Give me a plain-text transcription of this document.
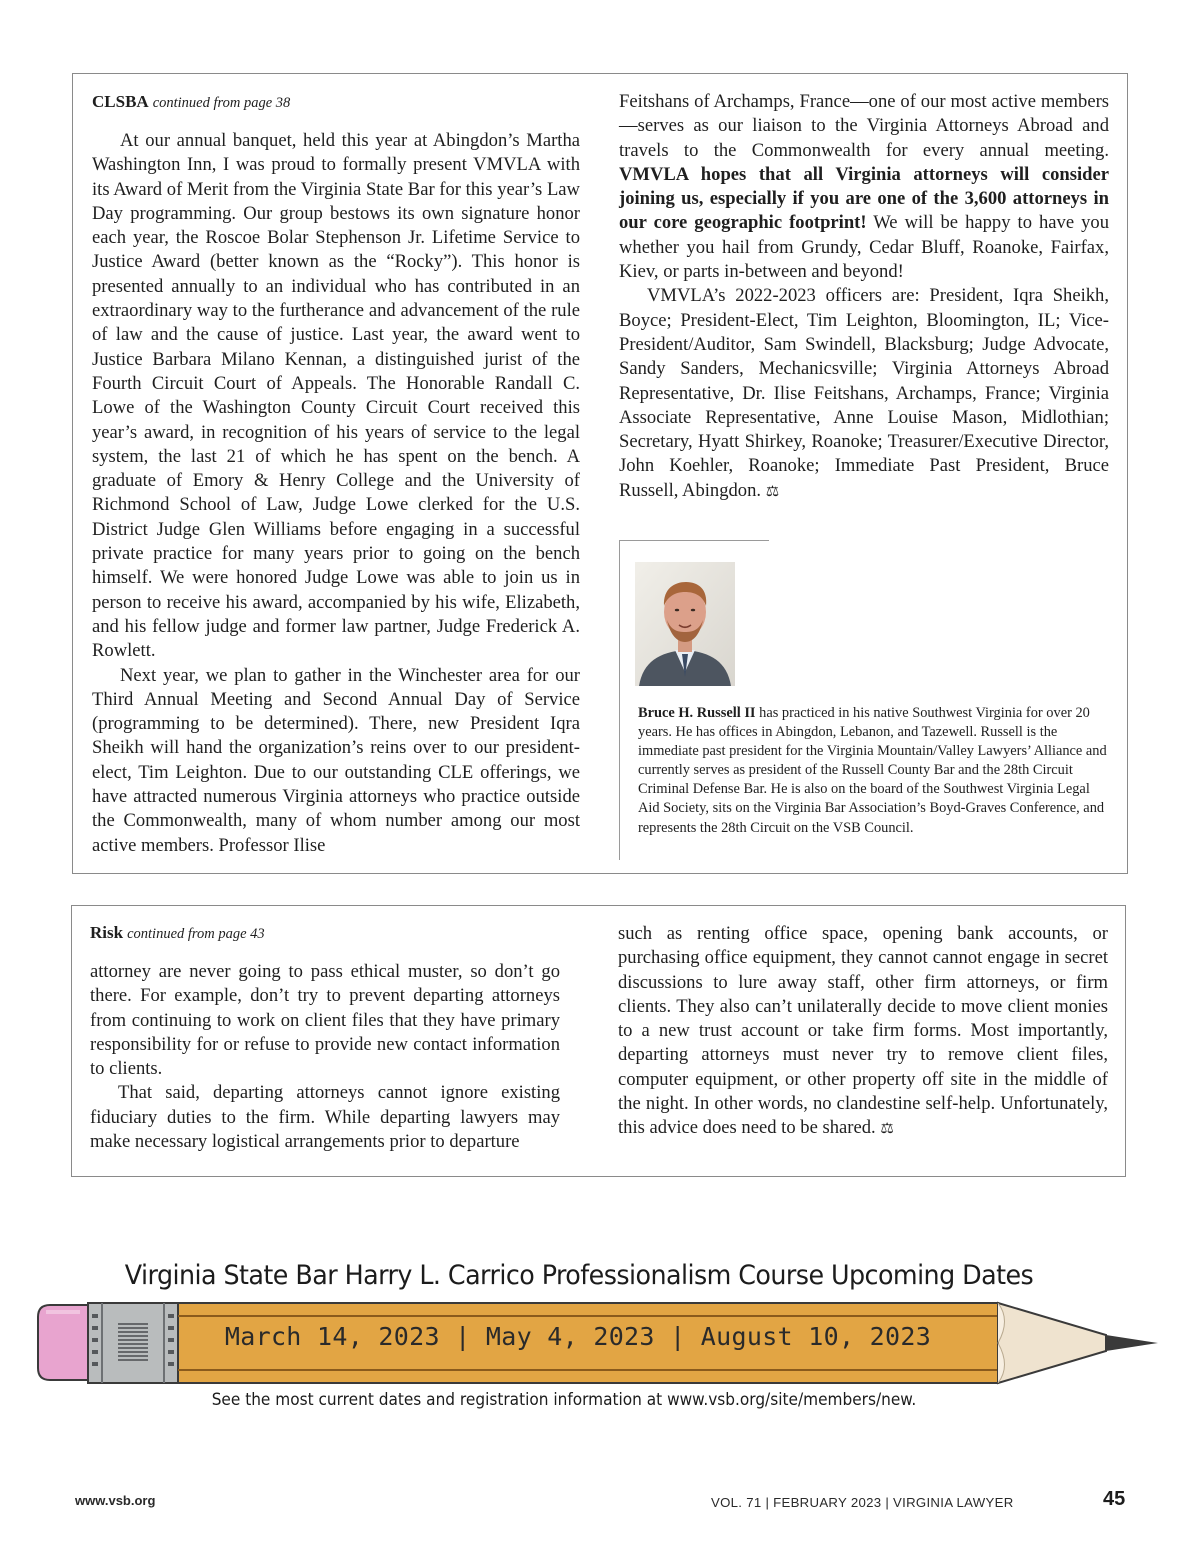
CLSBA continued from page 38

At our annual banquet, held this year at Abingdon’s Martha Washington Inn, I was proud to formally present VMVLA with its Award of Merit from the Virginia State Bar for this year’s Law Day programming. Our group bestows its own signature honor each year, the Roscoe Bolar Stephenson Jr. Lifetime Service to Justice Award (better known as the “Rocky”). This honor is presented annually to an individual who has contributed in an extraordinary way to the furtherance and advancement of the rule of law and the cause of justice. Last year, the award went to Justice Barbara Milano Kennan, a distinguished jurist of the Fourth Circuit Court of Appeals. The Honorable Randall C. Lowe of the Washington County Circuit Court received this year’s award, in recognition of his years of service to the legal system, the last 21 of which he has spent on the bench. A graduate of Emory & Henry College and the University of Richmond School of Law, Judge Lowe clerked for the U.S. District Judge Glen Williams before engaging in a successful private practice for many years prior to going on the bench himself. We were honored Judge Lowe was able to join us in person to receive his award, accompanied by his wife, Elizabeth, and his fellow judge and former law partner, Judge Frederick A. Rowlett.

Next year, we plan to gather in the Winchester area for our Third Annual Meeting and Second Annual Day of Service (programming to be determined). There, new President Iqra Sheikh will hand the organization’s reins over to our president-elect, Tim Leighton. Due to our outstanding CLE offerings, we have attracted numerous Virginia attorneys who practice outside the Commonwealth, many of whom number among our most active members. Professor Ilise

Feitshans of Archamps, France—one of our most active members—serves as our liaison to the Virginia Attorneys Abroad and travels to the Commonwealth for every annual meeting. VMVLA hopes that all Virginia attorneys will consider joining us, especially if you are one of the 3,600 attorneys in our core geographic footprint! We will be happy to have you whether you hail from Grundy, Cedar Bluff, Roanoke, Fairfax, Kiev, or parts in-between and beyond!

VMVLA’s 2022-2023 officers are: President, Iqra Sheikh, Boyce; President-Elect, Tim Leighton, Bloomington, IL; Vice-President/Auditor, Sam Swindell, Blacksburg; Judge Advocate, Sandy Sanders, Mechanicsville; Virginia Attorneys Abroad Representative, Dr. Ilise Feitshans, Archamps, France; Virginia Associate Representative, Anne Louise Mason, Midlothian; Secretary, Hyatt Shirkey, Roanoke; Treasurer/Executive Director, John Koehler, Roanoke; Immediate Past President, Bruce Russell, Abingdon. ⚖

Bruce H. Russell II has practiced in his native Southwest Virginia for over 20 years. He has offices in Abingdon, Lebanon, and Tazewell. Russell is the immediate past president for the Virginia Mountain/Valley Lawyers’ Alliance and currently serves as president of the Russell County Bar and the 28th Circuit Criminal Defense Bar. He is also on the board of the Southwest Virginia Legal Aid Society, sits on the Virginia Bar Association’s Boyd-Graves Conference, and represents the 28th Circuit on the VSB Council.
Risk continued from page 43

attorney are never going to pass ethical muster, so don’t go there. For example, don’t try to prevent departing attorneys from continuing to work on client files that they have primary responsibility for or refuse to provide new contact information to clients.

That said, departing attorneys cannot ignore existing fiduciary duties to the firm. While departing lawyers may make necessary logistical arrangements prior to departure

such as renting office space, opening bank accounts, or purchasing office equipment, they cannot cannot engage in secret discussions to lure away staff, other firm attorneys, or firm clients. They also can’t unilaterally decide to move client monies to a new trust account or take firm forms. Most importantly, departing attorneys must never try to remove client files, computer equipment, or other property off site in the middle of the night. In other words, no clandestine self-help. Unfortunately, this advice does need to be shared. ⚖

Virginia State Bar Harry L. Carrico Professionalism Course Upcoming Dates
March 14, 2023 | May 4, 2023 | August 10, 2023
See the most current dates and registration information at www.vsb.org/site/members/new.
www.vsb.org	VOL. 71 | FEBRUARY 2023 | VIRGINIA LAWYER	45
